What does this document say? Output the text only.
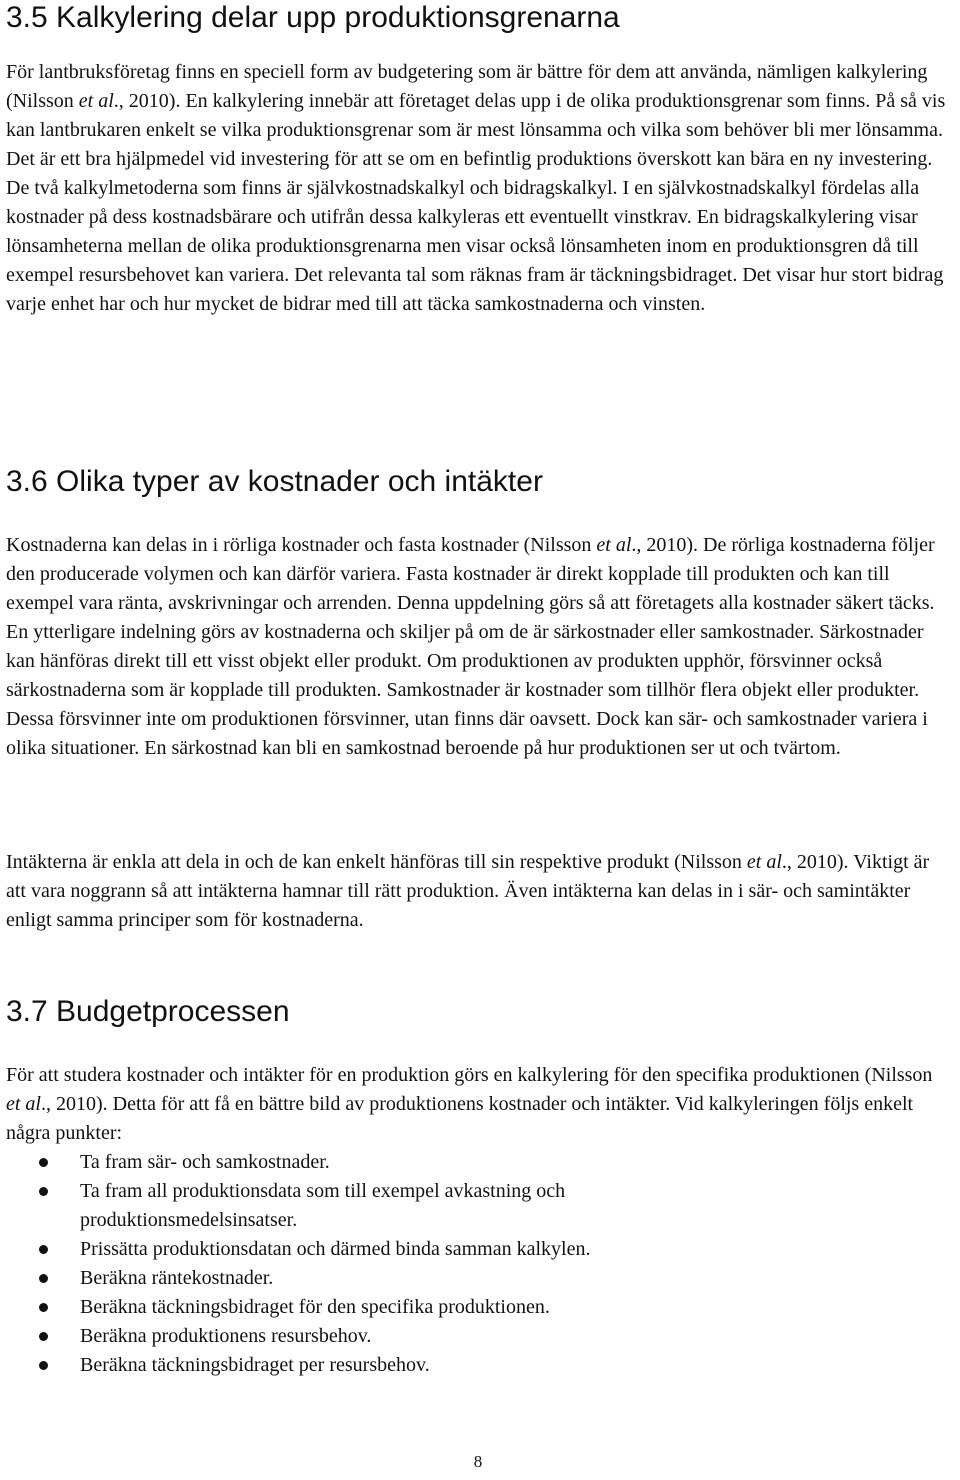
3.5 Kalkylering delar upp produktionsgrenarna

För lantbruksföretag finns en speciell form av budgetering som är bättre för dem att använda, nämligen kalkylering (Nilsson et al., 2010). En kalkylering innebär att företaget delas upp i de olika produktionsgrenar som finns. På så vis kan lantbrukaren enkelt se vilka produktionsgrenar som är mest lönsamma och vilka som behöver bli mer lönsamma. Det är ett bra hjälpmedel vid investering för att se om en befintlig produktions överskott kan bära en ny investering. De två kalkylmetoderna som finns är självkostnadskalkyl och bidragskalkyl. I en självkostnadskalkyl fördelas alla kostnader på dess kostnadsbärare och utifrån dessa kalkyleras ett eventuellt vinstkrav. En bidragskalkylering visar lönsamheterna mellan de olika produktionsgrenarna men visar också lönsamheten inom en produktionsgren då till exempel resursbehovet kan variera. Det relevanta tal som räknas fram är täckningsbidraget. Det visar hur stort bidrag varje enhet har och hur mycket de bidrar med till att täcka samkostnaderna och vinsten.

3.6 Olika typer av kostnader och intäkter

Kostnaderna kan delas in i rörliga kostnader och fasta kostnader (Nilsson et al., 2010). De rörliga kostnaderna följer den producerade volymen och kan därför variera. Fasta kostnader är direkt kopplade till produkten och kan till exempel vara ränta, avskrivningar och arrenden. Denna uppdelning görs så att företagets alla kostnader säkert täcks. En ytterligare indelning görs av kostnaderna och skiljer på om de är särkostnader eller samkostnader. Särkostnader kan hänföras direkt till ett visst objekt eller produkt. Om produktionen av produkten upphör, försvinner också särkostnaderna som är kopplade till produkten. Samkostnader är kostnader som tillhör flera objekt eller produkter. Dessa försvinner inte om produktionen försvinner, utan finns där oavsett. Dock kan sär- och samkostnader variera i olika situationer. En särkostnad kan bli en samkostnad beroende på hur produktionen ser ut och tvärtom.

Intäkterna är enkla att dela in och de kan enkelt hänföras till sin respektive produkt (Nilsson et al., 2010). Viktigt är att vara noggrann så att intäkterna hamnar till rätt produktion. Även intäkterna kan delas in i sär- och samintäkter enligt samma principer som för kostnaderna.

3.7 Budgetprocessen

För att studera kostnader och intäkter för en produktion görs en kalkylering för den specifika produktionen (Nilsson et al., 2010). Detta för att få en bättre bild av produktionens kostnader och intäkter. Vid kalkyleringen följs enkelt några punkter:

Ta fram sär- och samkostnader.
Ta fram all produktionsdata som till exempel avkastning och produktionsmedelsinsatser.
Prissätta produktionsdatan och därmed binda samman kalkylen.
Beräkna räntekostnader.
Beräkna täckningsbidraget för den specifika produktionen.
Beräkna produktionens resursbehov.
Beräkna täckningsbidraget per resursbehov.
8
